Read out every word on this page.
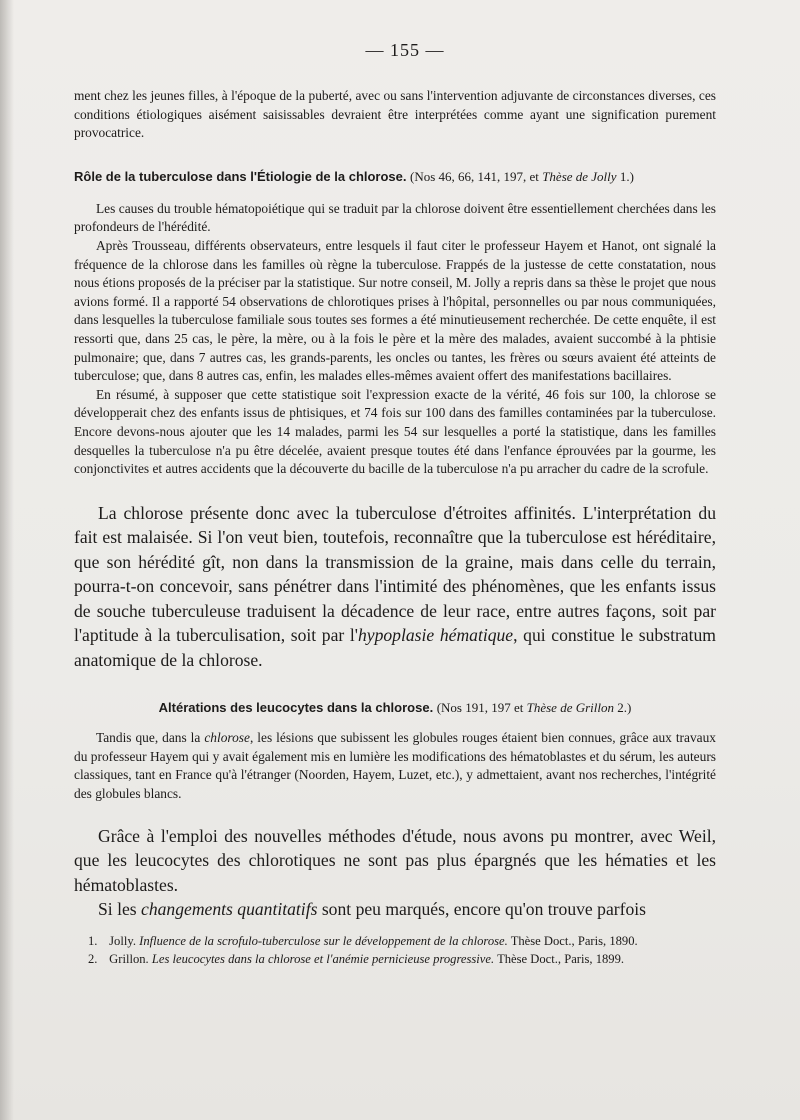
— 155 —

ment chez les jeunes filles, à l'époque de la puberté, avec ou sans l'intervention adjuvante de circonstances diverses, ces conditions étiologiques aisément saisissables devraient être interprétées comme ayant une signification purement provocatrice.

Rôle de la tuberculose dans l'Étiologie de la chlorose. (Nos 46, 66, 141, 197, et Thèse de Jolly 1.)

Les causes du trouble hématopoiétique qui se traduit par la chlorose doivent être essentiellement cherchées dans les profondeurs de l'hérédité.

Après Trousseau, différents observateurs, entre lesquels il faut citer le professeur Hayem et Hanot, ont signalé la fréquence de la chlorose dans les familles où règne la tuberculose. Frappés de la justesse de cette constatation, nous nous étions proposés de la préciser par la statistique. Sur notre conseil, M. Jolly a repris dans sa thèse le projet que nous avions formé. Il a rapporté 54 observations de chlorotiques prises à l'hôpital, personnelles ou par nous communiquées, dans lesquelles la tuberculose familiale sous toutes ses formes a été minutieusement recherchée. De cette enquête, il est ressorti que, dans 25 cas, le père, la mère, ou à la fois le père et la mère des malades, avaient succombé à la phtisie pulmonaire; que, dans 7 autres cas, les grands-parents, les oncles ou tantes, les frères ou sœurs avaient été atteints de tuberculose; que, dans 8 autres cas, enfin, les malades elles-mêmes avaient offert des manifestations bacillaires.

En résumé, à supposer que cette statistique soit l'expression exacte de la vérité, 46 fois sur 100, la chlorose se développerait chez des enfants issus de phtisiques, et 74 fois sur 100 dans des familles contaminées par la tuberculose. Encore devons-nous ajouter que les 14 malades, parmi les 54 sur lesquelles a porté la statistique, dans les familles desquelles la tuberculose n'a pu être décelée, avaient presque toutes été dans l'enfance éprouvées par la gourme, les conjonctivites et autres accidents que la découverte du bacille de la tuberculose n'a pu arracher du cadre de la scrofule.

La chlorose présente donc avec la tuberculose d'étroites affinités. L'interprétation du fait est malaisée. Si l'on veut bien, toutefois, reconnaître que la tuberculose est héréditaire, que son hérédité gît, non dans la transmission de la graine, mais dans celle du terrain, pourra-t-on concevoir, sans pénétrer dans l'intimité des phénomènes, que les enfants issus de souche tuberculeuse traduisent la décadence de leur race, entre autres façons, soit par l'aptitude à la tuberculisation, soit par l'hypoplasie hématique, qui constitue le substratum anatomique de la chlorose.

Altérations des leucocytes dans la chlorose. (Nos 191, 197 et Thèse de Grillon 2.)

Tandis que, dans la chlorose, les lésions que subissent les globules rouges étaient bien connues, grâce aux travaux du professeur Hayem qui y avait également mis en lumière les modifications des hématoblastes et du sérum, les auteurs classiques, tant en France qu'à l'étranger (Noorden, Hayem, Luzet, etc.), y admettaient, avant nos recherches, l'intégrité des globules blancs.

Grâce à l'emploi des nouvelles méthodes d'étude, nous avons pu montrer, avec Weil, que les leucocytes des chlorotiques ne sont pas plus épargnés que les hématies et les hématoblastes.

Si les changements quantitatifs sont peu marqués, encore qu'on trouve parfois

1. Jolly. Influence de la scrofulo-tuberculose sur le développement de la chlorose. Thèse Doct., Paris, 1890.
2. Grillon. Les leucocytes dans la chlorose et l'anémie pernicieuse progressive. Thèse Doct., Paris, 1899.
